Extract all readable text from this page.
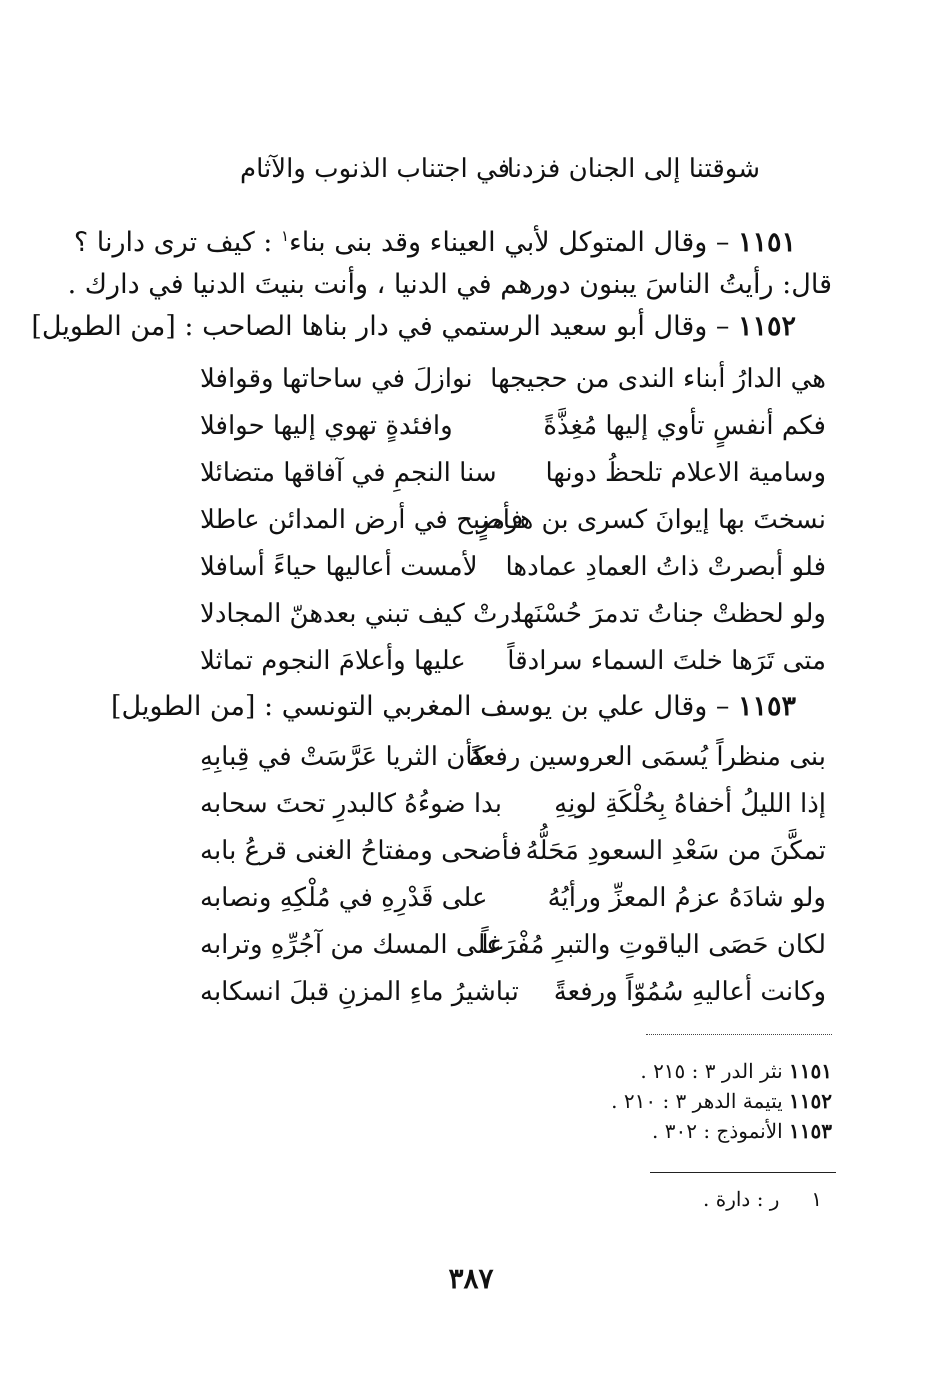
شوقتنا إلى الجنان فزدنا
في اجتناب الذنوب والآثام
١١٥١ – وقال المتوكل لأبي العيناء وقد بنى بناء$^١$ : كيف ترى دارنا ؟
قال: رأيتُ الناسَ يبنون دورهم في الدنيا ، وأنت بنيتَ الدنيا في دارك .
١١٥٢ – وقال أبو سعيد الرستمي في دار بناها الصاحب : [من الطويل]
هي الدارُ أبناء الندى من حجيجها
نوازلَ في ساحاتها وقوافلا
فكم أنفسٍ تأوي إليها مُغِذَّةً
وافئدةٍ تهوي إليها حوافلا
وسامية الاعلام تلحظُ دونها
سنا النجمِ في آفاقها متضائلا
نسختَ بها إيوانَ كسرى بن هرمزٍ
فأصبح في أرض المدائن عاطلا
فلو أبصرتْ ذاتُ العمادِ عمادها
لأمست أعاليها حياءً أسافلا
ولو لحظتْ جناتُ تدمرَ حُسْنَها
درتْ كيف تبني بعدهنّ المجادلا
متى تَرَها خلتَ السماء سرادقاً
عليها وأعلامَ النجوم تماثلا
١١٥٣ – وقال علي بن يوسف المغربي التونسي : [من الطويل]
بنى منظراً يُسمَى العروسين رفعةً
كأن الثريا عَرَّسَتْ في قِبابِهِ
إذا الليلُ أخفاهُ بِحُلْكَةِ لونِهِ
بدا ضوءُهُ كالبدرِ تحتَ سحابه
تمكَّنَ من سَعْدِ السعودِ مَحَلُّهُ
فأضحى ومفتاحُ الغنى قرعُ بابه
ولو شادَهُ عزمُ المعزِّ ورأيُهُ
على قَدْرِهِ في مُلْكِهِ ونصابه
لكان حَصَى الياقوتِ والتبرِ مُفْرَغاً
على المسك من آجُرِّهِ وترابه
وكانت أعاليهِ سُمُوّاً ورفعةً
تباشيرُ ماءِ المزنِ قبلَ انسكابه
١١٥١ نثر الدر ٣ : ٢١٥ .
١١٥٢ يتيمة الدهر ٣ : ٢١٠ .
١١٥٣ الأنموذج : ٣٠٢ .
١     ر : دارة .
٣٨٧
